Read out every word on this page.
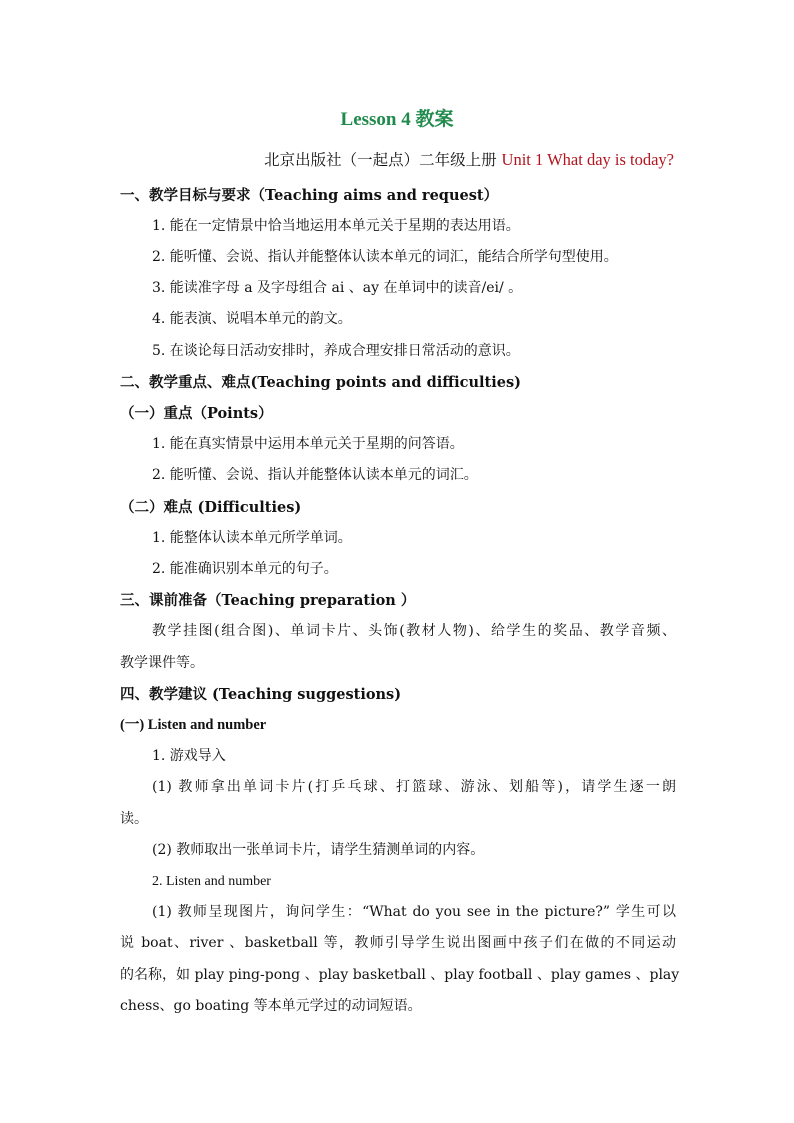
Lesson 4 教案
北京出版社（一起点）二年级上册 Unit 1 What day is today?
一、教学目标与要求（Teaching aims and request）
1. 能在一定情景中恰当地运用本单元关于星期的表达用语。
2. 能听懂、会说、指认并能整体认读本单元的词汇，能结合所学句型使用。
3. 能读准字母 a 及字母组合 ai 、ay 在单词中的读音/ei/ 。
4. 能表演、说唱本单元的韵文。
5. 在谈论每日活动安排时，养成合理安排日常活动的意识。
二、教学重点、难点(Teaching points and difficulties)
（一）重点（Points）
1. 能在真实情景中运用本单元关于星期的问答语。
2. 能听懂、会说、指认并能整体认读本单元的词汇。
（二）难点 (Difficulties)
1. 能整体认读本单元所学单词。
2. 能准确识别本单元的句子。
三、课前准备（Teaching preparation ）
教学挂图(组合图)、单词卡片、头饰(教材人物)、给学生的奖品、教学音频、
教学课件等。
四、教学建议 (Teaching suggestions)
(一) Listen and number
1. 游戏导入
(1) 教师拿出单词卡片(打乒乓球、打篮球、游泳、划船等)，请学生逐一朗
读。
(2) 教师取出一张单词卡片，请学生猜测单词的内容。
2. Listen and number
(1) 教师呈现图片，询问学生：“What do you see in the picture?” 学生可以
说 boat、river 、basketball 等，教师引导学生说出图画中孩子们在做的不同运动
的名称，如 play ping-pong 、play basketball 、play football 、play games 、play
chess、go boating 等本单元学过的动词短语。
